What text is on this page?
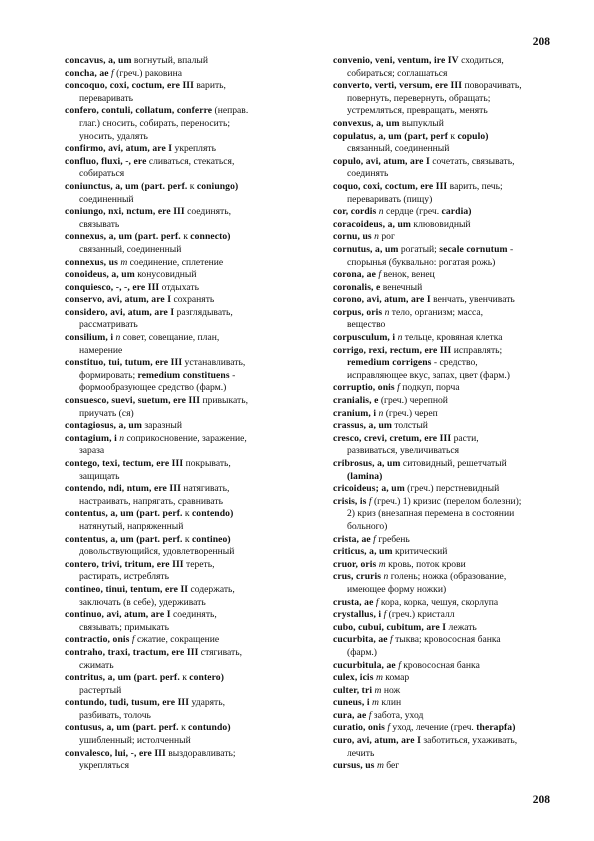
208
concavus, a, um вогнутый, впалый
concha, ae f (греч.) раковина
concoquo, coxi, coctum, ere III варить,
переваривать
confero, contuli, collatum, conferre (неправ.
глаг.) сносить, собирать, переносить;
уносить, удалять
confirmo, avi, atum, are I укреплять
confluo, fluxi, -, ere сливаться, стекаться,
собираться
coniunctus, a, um (part. perf. к coniungo)
соединенный
coniungo, nxi, nctum, ere III соединять,
связывать
connexus, a, um (part. perf. к connecto)
связанный, соединенный
connexus, us m соединение, сплетение
conoideus, a, um конусовидный
conquiesco, -, -, ere III отдыхать
conservo, avi, atum, are I сохранять
considero, avi, atum, are I разглядывать,
рассматривать
consilium, i n совет, совещание, план,
намерение
constituo, tui, tutum, ere III устанавливать,
формировать; remedium constituens -
формообразующее средство (фарм.)
consuesco, suevi, suetum, ere III привыкать,
приучать (ся)
contagiosus, a, um заразный
contagium, i n соприкосновение, заражение,
зараза
contego, texi, tectum, ere III покрывать,
защищать
contendo, ndi, ntum, ere III натягивать,
настраивать, напрягать, сравнивать
contentus, a, um (part. perf. к contendo)
натянутый, напряженный
contentus, a, um (part. perf. к contineo)
довольствующийся, удовлетворенный
contero, trivi, tritum, ere III тереть,
растирать, истреблять
contineo, tinui, tentum, ere II содержать,
заключать (в себе), удерживать
continuo, avi, atum, are I соединять,
связывать; примыкать
contractio, onis f сжатие, сокращение
contraho, traxi, tractum, ere III стягивать,
сжимать
contritus, a, um (part. perf. к contero)
растертый
contundo, tudi, tusum, ere III ударять,
разбивать, толочь
contusus, a, um (part. perf. к contundo)
ушибленный; истолченный
convalesco, lui, -, ere III выздоравливать;
укрепляться
convenio, veni, ventum, ire IV сходиться,
собираться; соглашаться
converto, verti, versum, ere III поворачивать,
повернуть, перевернуть, обращать;
устремляться, превращать, менять
convexus, a, um выпуклый
copulatus, a, um (part, perf к copulo)
связанный, соединенный
copulo, avi, atum, are I сочетать, связывать,
соединять
coquo, coxi, coctum, ere III варить, печь;
переваривать (пищу)
cor, cordis n сердце (греч. cardia)
coracoideus, a, um клювовидный
cornu, us n рог
cornutus, a, um рогатый; secale cornutum -
спорынья (буквально: рогатая рожь)
corona, ae f венок, венец
coronalis, e венечный
corono, avi, atum, are I венчать, увенчивать
corpus, oris n тело, организм; масса,
вещество
corpusculum, i n тельце, кровяная клетка
corrigo, rexi, rectum, ere III исправлять;
remedium corrigens - средство,
исправляющее вкус, запах, цвет (фарм.)
corruptio, onis f подкуп, порча
cranialis, e (греч.) черепной
cranium, i n (греч.) череп
crassus, a, um толстый
cresco, crevi, cretum, ere III расти,
развиваться, увеличиваться
cribrosus, a, um ситовидный, решетчатый
(lamina)
cricoideus; a, um (греч.) перстневидный
crisis, is f (греч.) 1) кризис (перелом болезни);
2) криз (внезапная перемена в состоянии
больного)
crista, ae f гребень
criticus, a, um критический
cruor, oris m кровь, поток крови
crus, cruris n голень; ножка (образование,
имеющее форму ножки)
crusta, ae f кора, корка, чешуя, скорлупа
crystallus, i f (греч.) кристалл
cubo, cubui, cubitum, are I лежать
cucurbita, ae f тыква; кровососная банка
(фарм.)
cucurbitula, ae f кровососная банка
culex, icis m комар
culter, tri m нож
cuneus, i m клин
cura, ae f забота, уход
curatio, onis f уход, лечение (греч. therapfa)
curo, avi, atum, are I заботиться, ухаживать,
лечить
cursus, us m бег
208
